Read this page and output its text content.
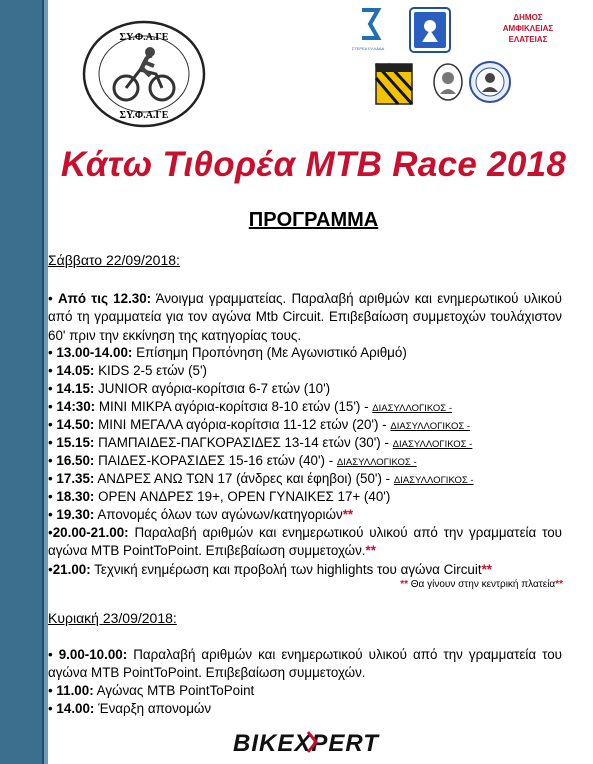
ΣΥ.Φ.Α.ΓΕ
ΣΥ.Φ.Α.ΓΕ
ΣΤΕΡΕΑ ΕΛΛΑΔΑ
ΔΗΜΟΣ
ΑΜΦΙΚΛΕΙΑΣ
ΕΛΑΤΕΙΑΣ
Κάτω Τιθορέα MTB Race 2018
ΠΡΟΓΡΑΜΜΑ
Σάββατο 22/09/2018:
• Από τις 12.30: Άνοιγμα γραμματείας. Παραλαβή αριθμών και ενημερωτικού υλικού από τη γραμματεία για τον αγώνα Mtb Circuit. Επιβεβαίωση συμμετοχών τουλάχιστον 60' πριν την εκκίνηση της κατηγορίας τους.
• 13.00-14.00: Επίσημη Προπόνηση (Με Αγωνιστικό Αριθμό)
• 14.05: KIDS 2-5 ετών (5')
• 14.15: JUNIOR αγόρια-κορίτσια 6-7 ετών (10')
• 14:30: MINI ΜΙΚΡΑ αγόρια-κορίτσια 8-10 ετών (15') - ΔΙΑΣΥΛΛΟΓΙΚΟΣ -
• 14.50: MINI ΜΕΓΑΛΑ αγόρια-κορίτσια 11-12 ετών (20') - ΔΙΑΣΥΛΛΟΓΙΚΟΣ -
• 15.15: ΠΑΜΠΑΙΔΕΣ-ΠΑΓΚΟΡΑΣΙΔΕΣ 13-14 ετών (30') - ΔΙΑΣΥΛΛΟΓΙΚΟΣ -
• 16.50: ΠΑΙΔΕΣ-ΚΟΡΑΣΙΔΕΣ 15-16 ετών (40') - ΔΙΑΣΥΛΛΟΓΙΚΟΣ -
• 17.35: ΑΝΔΡΕΣ ΑΝΩ ΤΩΝ 17 (άνδρες και έφηβοι) (50') - ΔΙΑΣΥΛΛΟΓΙΚΟΣ -
• 18.30: OPEN ΑΝΔΡΕΣ 19+, OPEN ΓΥΝΑΙΚΕΣ 17+ (40')
• 19.30: Απονομές όλων των αγώνων/κατηγοριών**
•20.00-21.00: Παραλαβή αριθμών και ενημερωτικού υλικού από την γραμματεία του αγώνα MTB PointToPoint. Επιβεβαίωση συμμετοχών.**
•21.00: Τεχνική ενημέρωση και προβολή των highlights του αγώνα Circuit**
** Θα γίνουν στην κεντρική πλατεία**
Κυριακή 23/09/2018:
• 9.00-10.00: Παραλαβή αριθμών και ενημερωτικού υλικού από την γραμματεία του αγώνα MTB PointToPoint. Επιβεβαίωση συμμετοχών.
• 11.00: Αγώνας MTB PointToPoint
• 14.00: Έναρξη απονομών
BIKEXPERT
